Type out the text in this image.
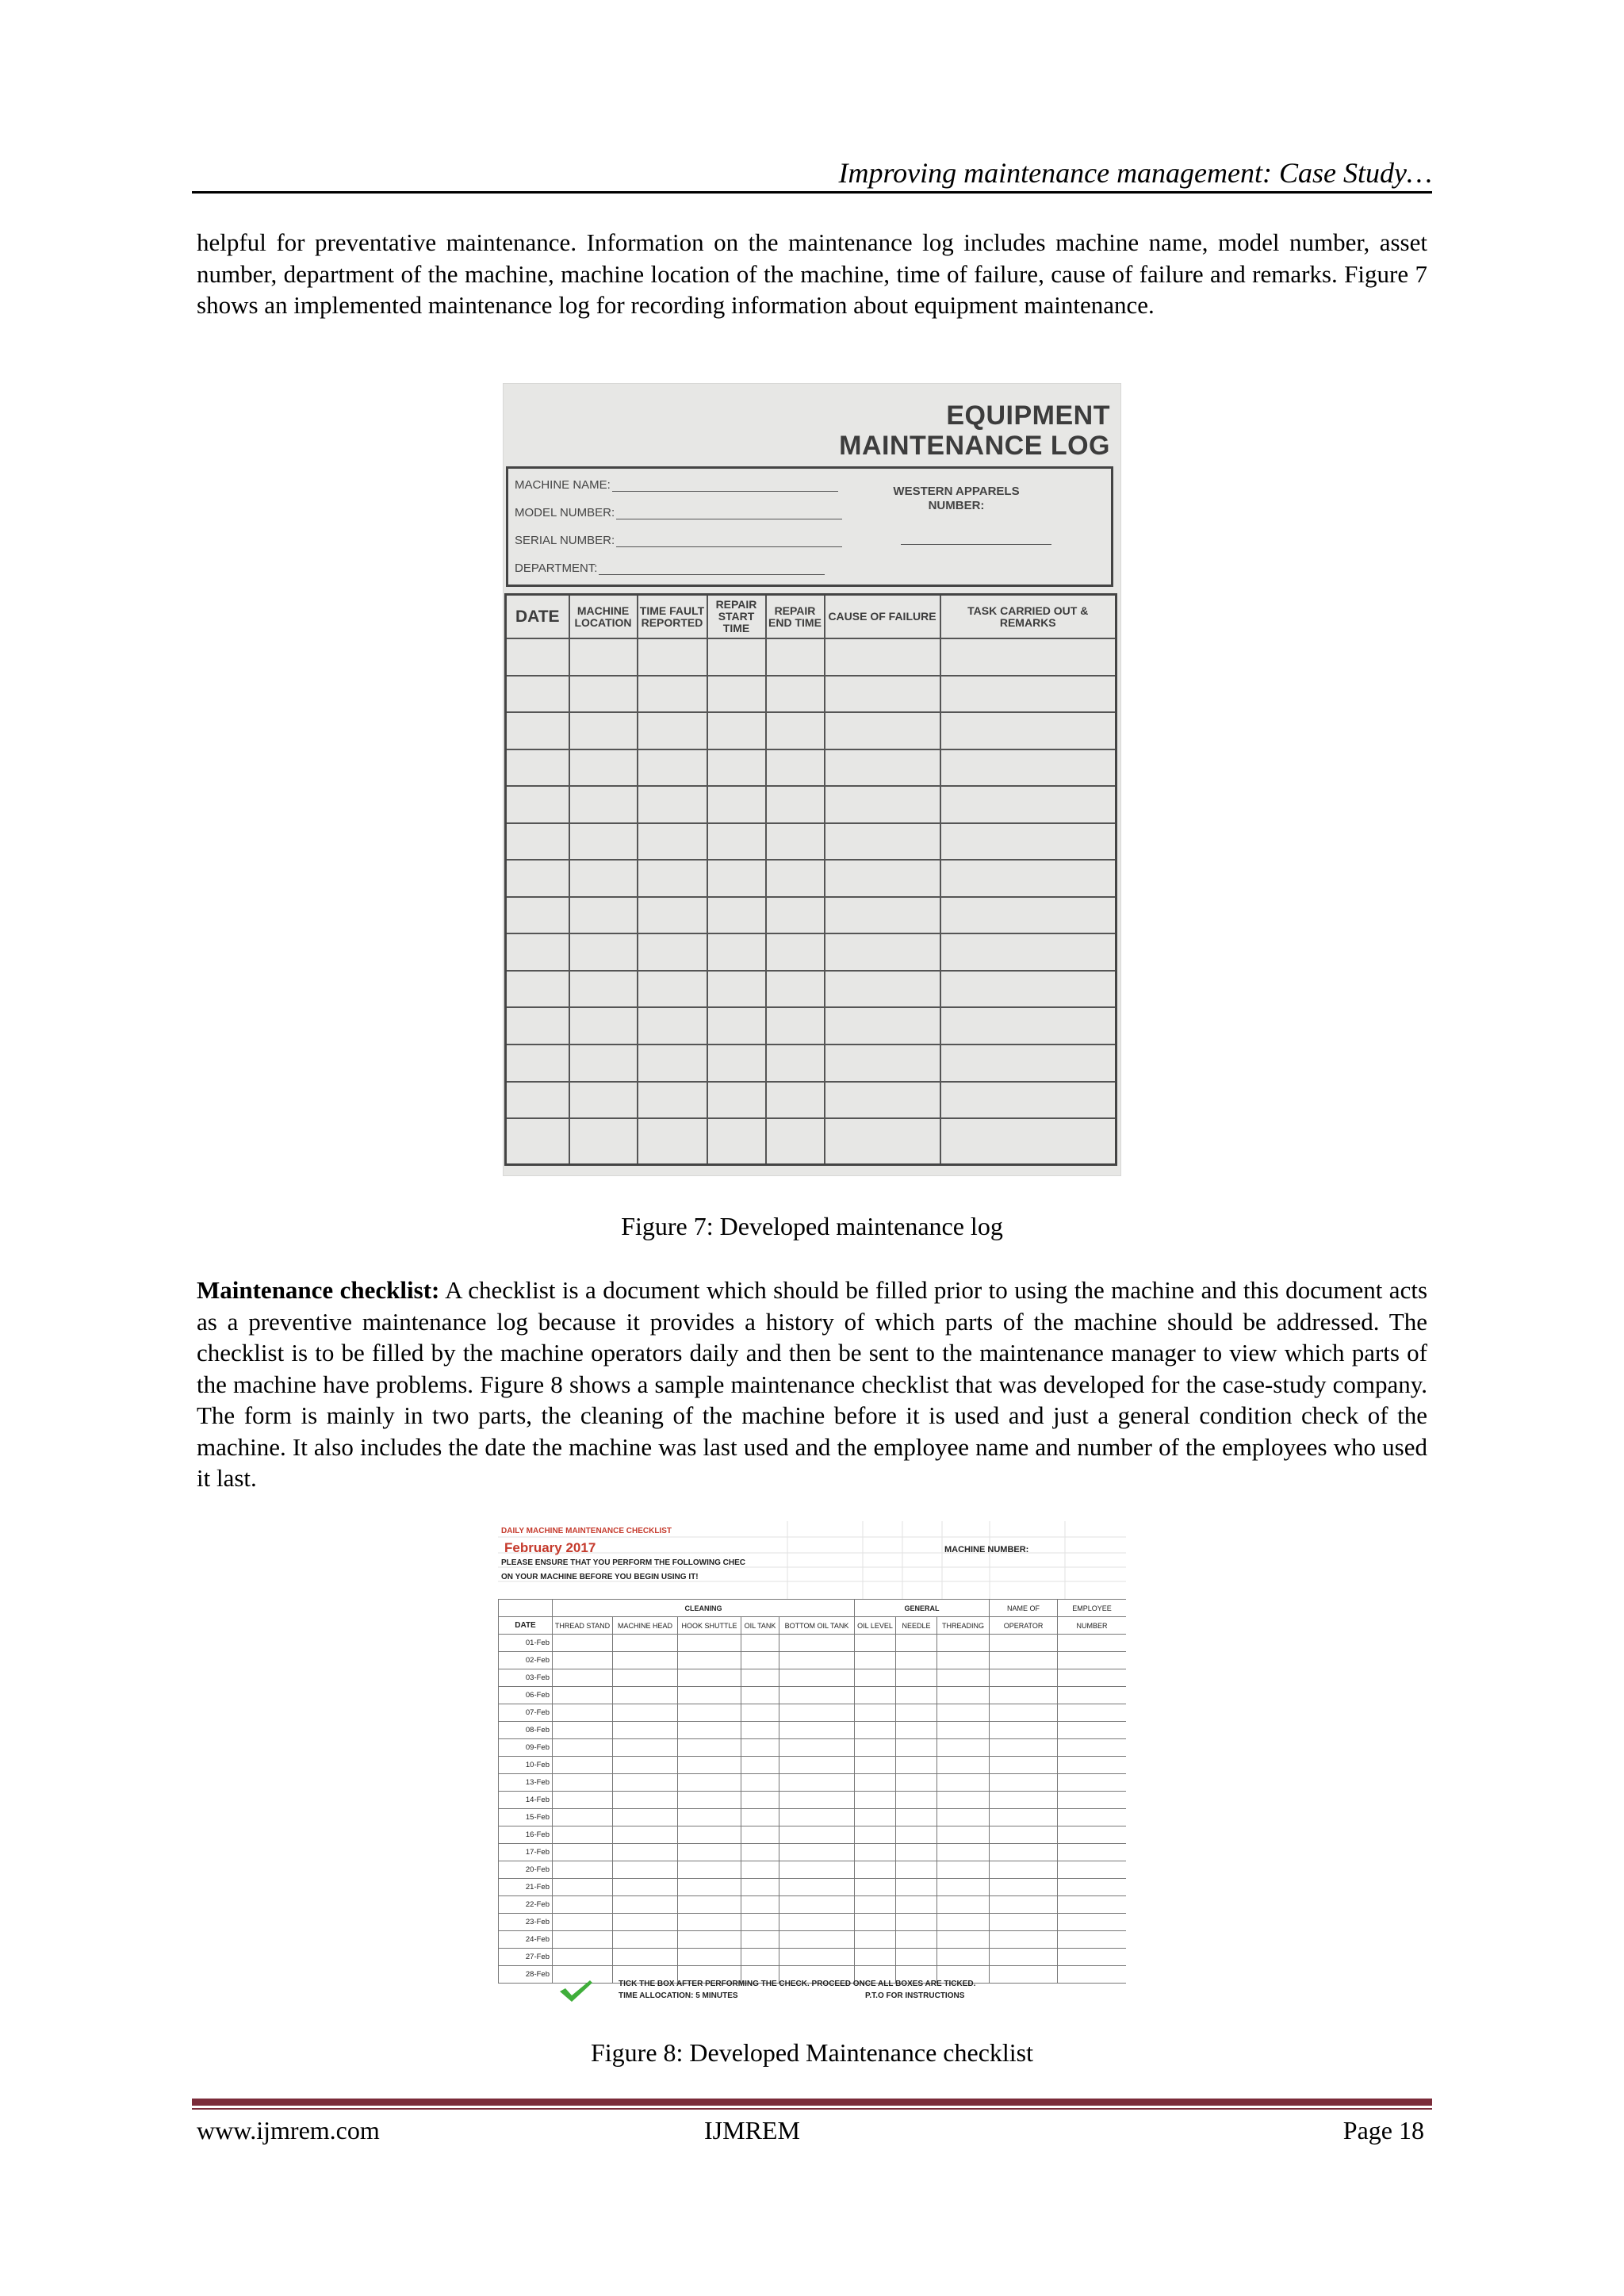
Improving maintenance management: Case Study…

helpful for preventative maintenance. Information on the maintenance log includes machine name, model number, asset number, department of the machine, machine location of the machine, time of failure, cause of failure and remarks. Figure 7 shows an implemented maintenance log for recording information about equipment maintenance.

EQUIPMENT
MAINTENANCE LOG
MACHINE NAME:
MODEL NUMBER:
SERIAL NUMBER:
DEPARTMENT:
WESTERN APPARELS
NUMBER:
DATE	MACHINE LOCATION	TIME FAULT REPORTED	REPAIR START TIME	REPAIR END TIME	CAUSE OF FAILURE	TASK CARRIED OUT & REMARKS

Figure 7: Developed maintenance log

Maintenance checklist: A checklist is a document which should be filled prior to using the machine and this document acts as a preventive maintenance log because it provides a history of which parts of the machine should be addressed. The checklist is to be filled by the machine operators daily and then be sent to the maintenance manager to view which parts of the machine have problems. Figure 8 shows a sample maintenance checklist that was developed for the case-study company. The form is mainly in two parts, the cleaning of the machine before it is used and just a general condition check of the machine. It also includes the date the machine was last used and the employee name and number of the employees who used it last.

DAILY MACHINE MAINTENANCE CHECKLIST
February 2017
PLEASE ENSURE THAT YOU PERFORM THE FOLLOWING CHEC
ON YOUR MACHINE BEFORE YOU BEGIN USING IT!
MACHINE NUMBER:
	CLEANING					GENERAL			NAME OF	EMPLOYEE
DATE	THREAD STAND	MACHINE HEAD	HOOK SHUTTLE	OIL TANK	BOTTOM OIL TANK	OIL LEVEL	NEEDLE	THREADING	OPERATOR	NUMBER
01-Feb										
02-Feb										
03-Feb										
06-Feb										
07-Feb										
08-Feb										
09-Feb										
10-Feb										
13-Feb										
14-Feb										
15-Feb										
16-Feb										
17-Feb										
20-Feb										
21-Feb										
22-Feb										
23-Feb										
24-Feb										
27-Feb										
28-Feb										
TICK THE BOX AFTER PERFORMING THE CHECK. PROCEED ONCE ALL BOXES ARE TICKED.
TIME ALLOCATION: 5 MINUTES	P.T.O FOR INSTRUCTIONS
Figure 8: Developed Maintenance checklist
www.ijmrem.com	IJMREM	Page 18
